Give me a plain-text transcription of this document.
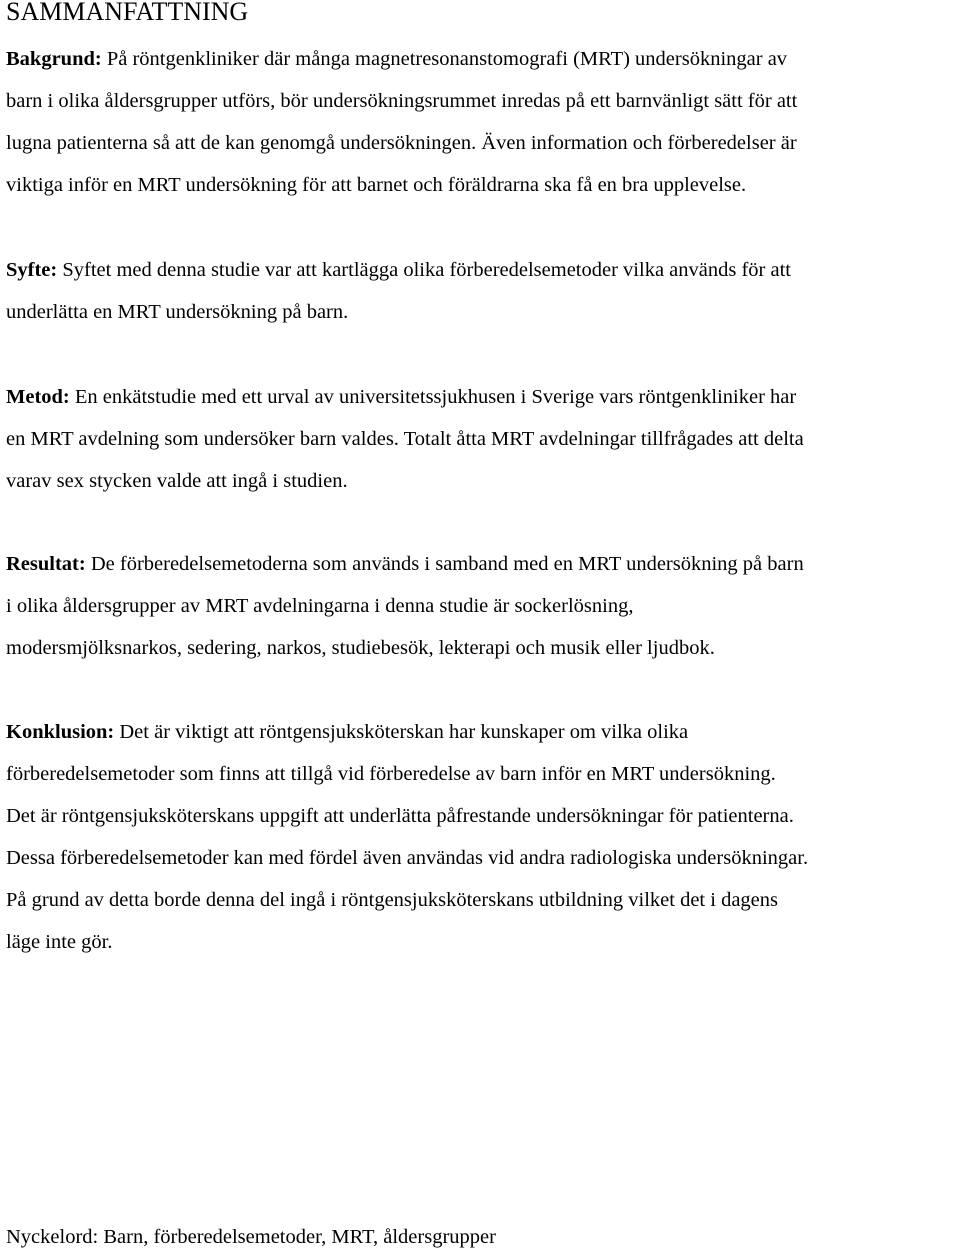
SAMMANFATTNING
Bakgrund: På röntgenkliniker där många magnetresonanstomografi (MRT) undersökningar av
barn i olika åldersgrupper utförs, bör undersökningsrummet inredas på ett barnvänligt sätt för att
lugna patienterna så att de kan genomgå undersökningen. Även information och förberedelser är
viktiga inför en MRT undersökning för att barnet och föräldrarna ska få en bra upplevelse.
Syfte: Syftet med denna studie var att kartlägga olika förberedelsemetoder vilka används för att
underlätta en MRT undersökning på barn.
Metod: En enkätstudie med ett urval av universitetssjukhusen i Sverige vars röntgenkliniker har
en MRT avdelning som undersöker barn valdes. Totalt åtta MRT avdelningar tillfrågades att delta
varav sex stycken valde att ingå i studien.
Resultat: De förberedelsemetoderna som används i samband med en MRT undersökning på barn
i olika åldersgrupper av MRT avdelningarna i denna studie är sockerlösning,
modersmjölksnarkos, sedering, narkos, studiebesök, lekterapi och musik eller ljudbok.
Konklusion: Det är viktigt att röntgensjuksköterskan har kunskaper om vilka olika
förberedelsemetoder som finns att tillgå vid förberedelse av barn inför en MRT undersökning.
Det är röntgensjuksköterskans uppgift att underlätta påfrestande undersökningar för patienterna.
Dessa förberedelsemetoder kan med fördel även användas vid andra radiologiska undersökningar.
På grund av detta borde denna del ingå i röntgensjuksköterskans utbildning vilket det i dagens
läge inte gör.
Nyckelord: Barn, förberedelsemetoder, MRT, åldersgrupper
